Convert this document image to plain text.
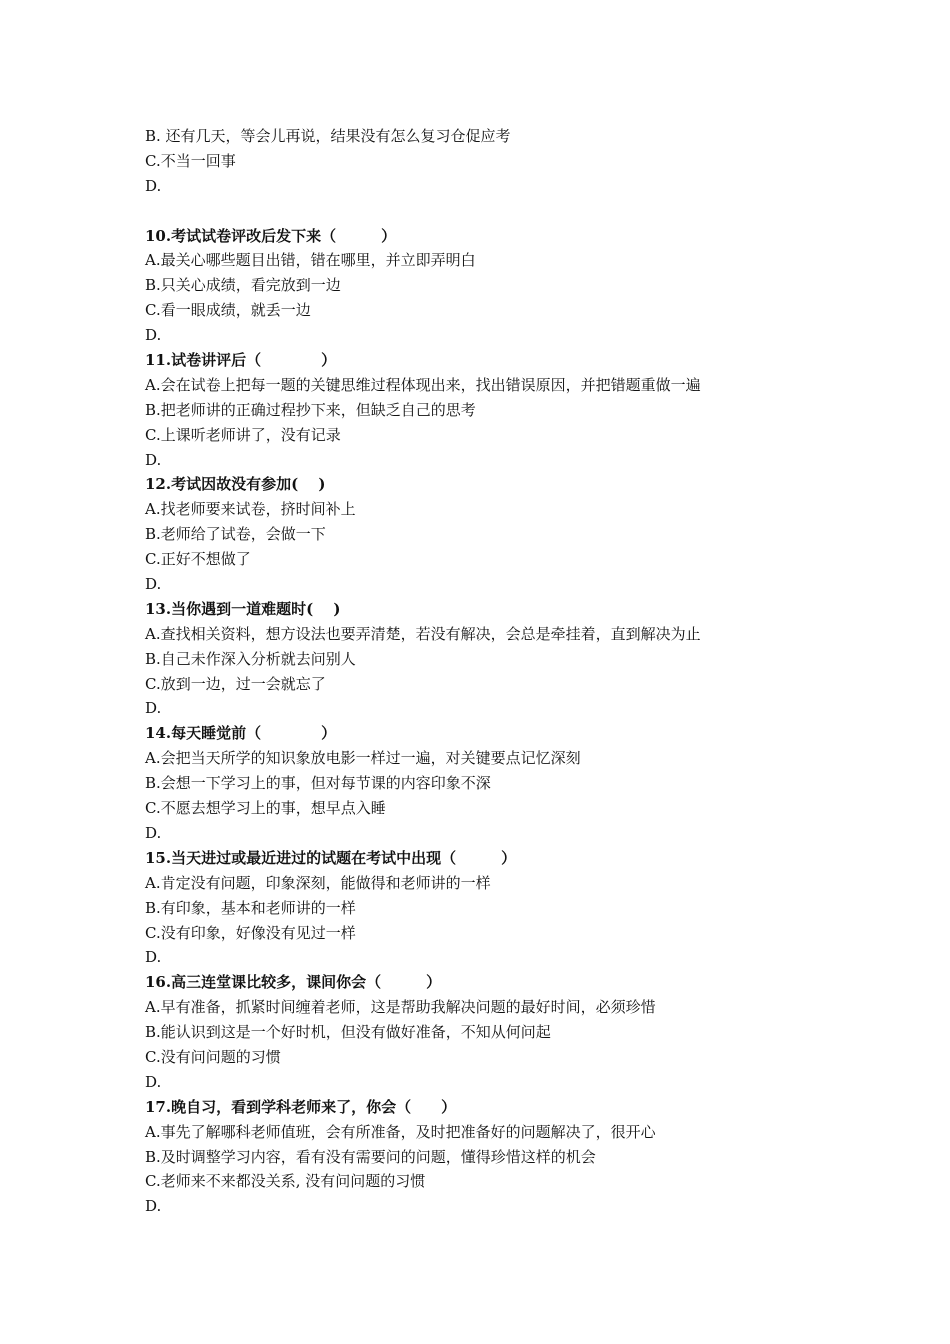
B. 还有几天，等会儿再说，结果没有怎么复习仓促应考
C.不当一回事
D.
10.考试试卷评改后发下来（　　　）
A.最关心哪些题目出错，错在哪里，并立即弄明白
B.只关心成绩，看完放到一边
C.看一眼成绩，就丢一边
D.
11.试卷讲评后（　　　　）
A.会在试卷上把每一题的关键思维过程体现出来，找出错误原因，并把错题重做一遍
B.把老师讲的正确过程抄下来，但缺乏自己的思考
C.上课听老师讲了，没有记录
D.
12.考试因故没有参加(　 )
A.找老师要来试卷，挤时间补上
B.老师给了试卷，会做一下
C.正好不想做了
D.
13.当你遇到一道难题时(　 )
A.查找相关资料，想方设法也要弄清楚，若没有解决，会总是牵挂着，直到解决为止
B.自己未作深入分析就去问别人
C.放到一边，过一会就忘了
D.
14.每天睡觉前（　　　　）
A.会把当天所学的知识象放电影一样过一遍，对关键要点记忆深刻
B.会想一下学习上的事，但对每节课的内容印象不深
C.不愿去想学习上的事，想早点入睡
D.
15.当天进过或最近进过的试题在考试中出现（　　　）
A.肯定没有问题，印象深刻，能做得和老师讲的一样
B.有印象，基本和老师讲的一样
C.没有印象，好像没有见过一样
D.
16.高三连堂课比较多，课间你会（　　　）
A.早有准备，抓紧时间缠着老师，这是帮助我解决问题的最好时间，必须珍惜
B.能认识到这是一个好时机，但没有做好准备，不知从何问起
C.没有问问题的习惯
D.
17.晚自习，看到学科老师来了，你会（　　）
A.事先了解哪科老师值班，会有所准备，及时把准备好的问题解决了，很开心
B.及时调整学习内容，看有没有需要问的问题，懂得珍惜这样的机会
C.老师来不来都没关系, 没有问问题的习惯
D.
